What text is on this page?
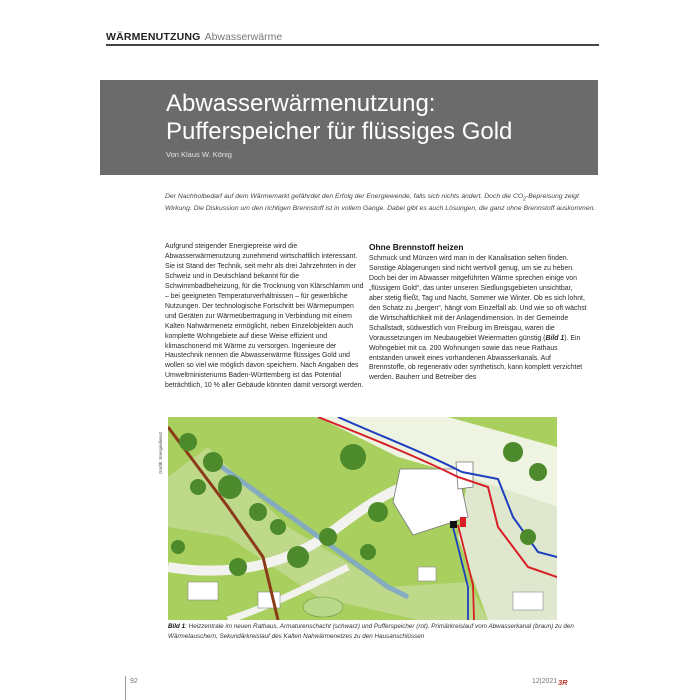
WÄRMENUTZUNG Abwasserwärme
Abwasserwärmenutzung:
Pufferspeicher für flüssiges Gold
Von Klaus W. König

Der Nachholbedarf auf dem Wärmemarkt gefährdet den Erfolg der Energiewende, falls sich nichts ändert. Doch die $CO_2$-Bepreisung zeigt Wirkung. Die Diskussion um den richtigen Brennstoff ist in vollem Gange. Dabei gibt es auch Lösungen, die ganz ohne Brennstoff auskommen.

Aufgrund steigender Energiepreise wird die Abwasserwärmenutzung zunehmend wirtschaftlich interessant. Sie ist Stand der Technik, seit mehr als drei Jahrzehnten in der Schweiz und in Deutschland bekannt für die Schwimmbadbeheizung, für die Trocknung von Klärschlamm und – bei geeigneten Temperaturverhältnissen – für gewerbliche Nutzungen. Der technologische Fortschritt bei Wärmepumpen und Geräten zur Wärmeübertragung in Verbindung mit einem Kalten Nahwärmenetz ermöglicht, neben Einzelobjekten auch komplette Wohngebiete auf diese Weise effizient und klimaschonend mit Wärme zu versorgen. Ingenieure der Haustechnik nennen die Abwasserwärme flüssiges Gold und wollen so viel wie möglich davon speichern. Nach Angaben des Umweltministeriums Baden-Württemberg ist das Potential beträchtlich, 10 % aller Gebäude könnten damit versorgt werden.

Ohne Brennstoff heizen

Schmuck und Münzen wird man in der Kanalisation selten finden. Sonstige Ablagerungen sind nicht wertvoll genug, um sie zu heben. Doch bei der im Abwasser mitgeführten Wärme sprechen einige von „flüssigem Gold“, das unter unseren Siedlungsgebieten unsichtbar, aber stetig fließt, Tag und Nacht, Sommer wie Winter. Ob es sich lohnt, den Schatz zu „bergen“, hängt vom Einzelfall ab. Und wie so oft wächst die Wirtschaftlichkeit mit der Anlagendimension. In der Gemeinde Schallstadt, südwestlich von Freiburg im Breisgau, waren die Voraussetzungen im Neubaugebiet Weiermatten günstig (Bild 1). Ein Wohngebiet mit ca. 200 Wohnungen sowie das neue Rathaus entstanden unweit eines vorhandenen Abwasserkanals. Auf Brennstoffe, ob regenerativ oder synthetisch, kann komplett verzichtet werden. Bauherr und Betreiber des

Grafik: Energiedienst

Bild 1: Heizzentrale im neuen Rathaus, Armaturenschacht (schwarz) und Pufferspeicher (rot). Primärkreislauf vom Abwasserkanal (braun) zu den Wärmetauschern, Sekundärkreislauf des Kalten Nahwärmenetzes zu den Hausanschlüssen

92	12|2021 3R
